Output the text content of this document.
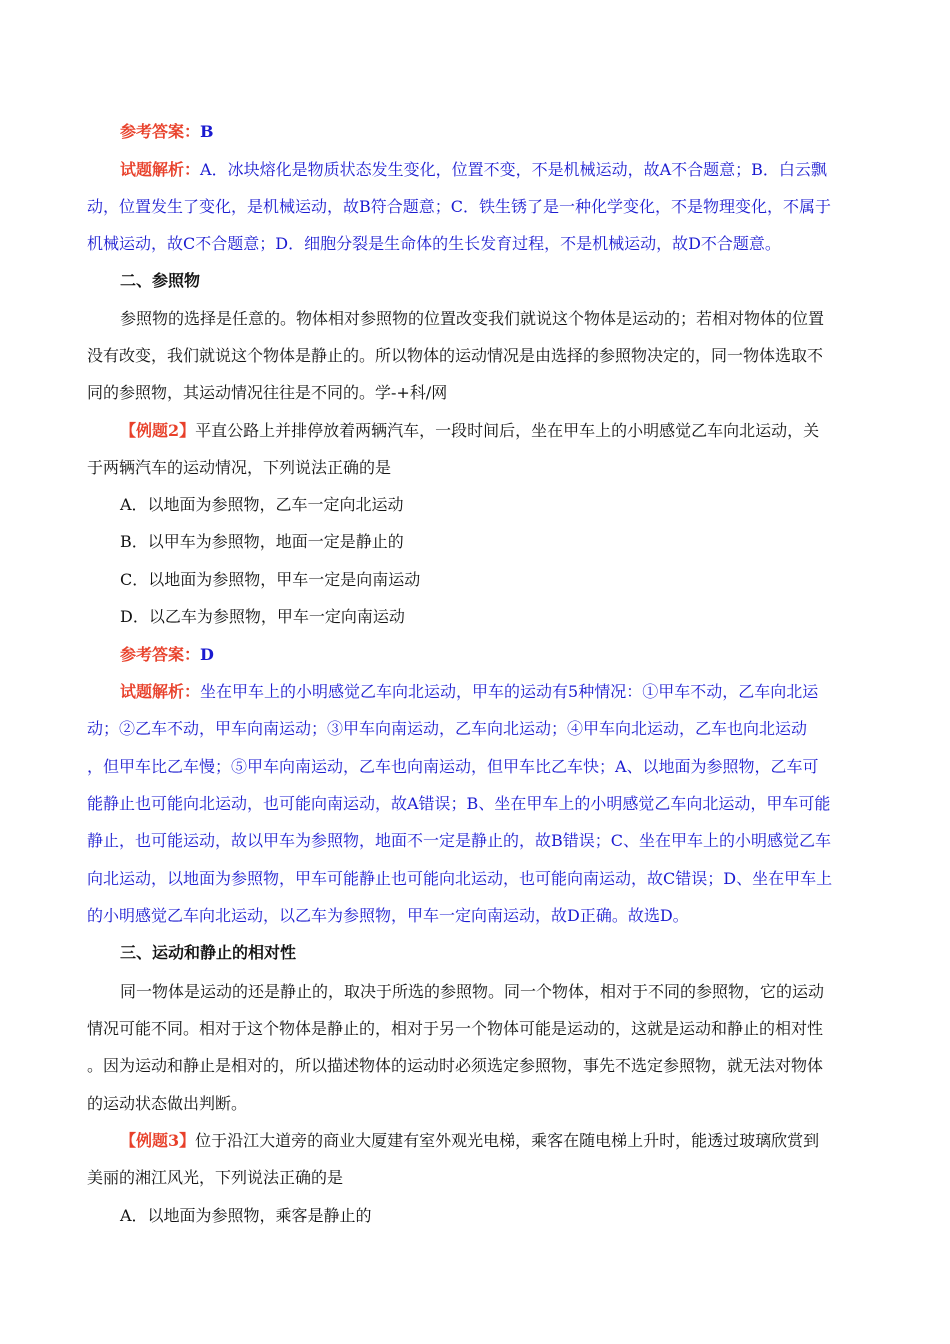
参考答案：B
试题解析：A．冰块熔化是物质状态发生变化，位置不变，不是机械运动，故A不合题意；B．白云飘
动，位置发生了变化，是机械运动，故B符合题意；C．铁生锈了是一种化学变化，不是物理变化，不属于
机械运动，故C不合题意；D．细胞分裂是生命体的生长发育过程，不是机械运动，故D不合题意。
二、参照物
参照物的选择是任意的。物体相对参照物的位置改变我们就说这个物体是运动的；若相对物体的位置
没有改变，我们就说这个物体是静止的。所以物体的运动情况是由选择的参照物决定的，同一物体选取不
同的参照物，其运动情况往往是不同的。学-+科/网
【例题2】平直公路上并排停放着两辆汽车，一段时间后，坐在甲车上的小明感觉乙车向北运动，关
于两辆汽车的运动情况，下列说法正确的是
A．以地面为参照物，乙车一定向北运动
B．以甲车为参照物，地面一定是静止的
C．以地面为参照物，甲车一定是向南运动
D．以乙车为参照物，甲车一定向南运动
参考答案：D
试题解析：坐在甲车上的小明感觉乙车向北运动，甲车的运动有5种情况：①甲车不动，乙车向北运
动；②乙车不动，甲车向南运动；③甲车向南运动，乙车向北运动；④甲车向北运动，乙车也向北运动
，但甲车比乙车慢；⑤甲车向南运动，乙车也向南运动，但甲车比乙车快；A、以地面为参照物，乙车可
能静止也可能向北运动，也可能向南运动，故A错误；B、坐在甲车上的小明感觉乙车向北运动，甲车可能
静止，也可能运动，故以甲车为参照物，地面不一定是静止的，故B错误；C、坐在甲车上的小明感觉乙车
向北运动，以地面为参照物，甲车可能静止也可能向北运动，也可能向南运动，故C错误；D、坐在甲车上
的小明感觉乙车向北运动，以乙车为参照物，甲车一定向南运动，故D正确。故选D。
三、运动和静止的相对性
同一物体是运动的还是静止的，取决于所选的参照物。同一个物体，相对于不同的参照物，它的运动
情况可能不同。相对于这个物体是静止的，相对于另一个物体可能是运动的，这就是运动和静止的相对性
。因为运动和静止是相对的，所以描述物体的运动时必须选定参照物，事先不选定参照物，就无法对物体
的运动状态做出判断。
【例题3】位于沿江大道旁的商业大厦建有室外观光电梯，乘客在随电梯上升时，能透过玻璃欣赏到
美丽的湘江风光，下列说法正确的是
A．以地面为参照物，乘客是静止的
